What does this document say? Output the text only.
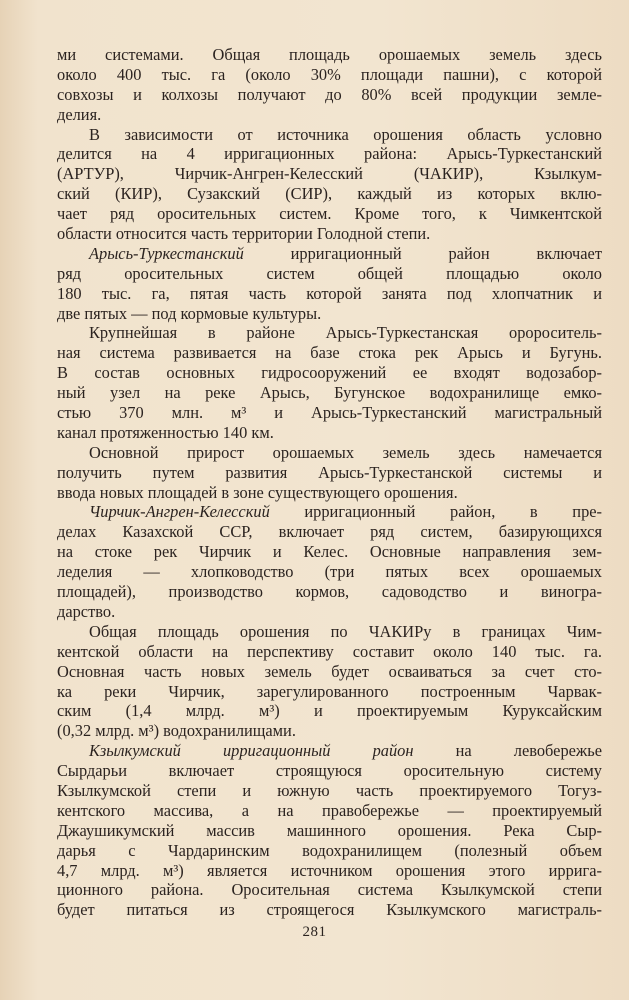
ми системами. Общая площадь орошаемых земель здесь
около 400 тыс. га (около 30% площади пашни), с которой
совхозы и колхозы получают до 80% всей продукции земле-
делия.
В зависимости от источника орошения область условно
делится на 4 ирригационных района: Арысь-Туркестанский
(АРТУР), Чирчик-Ангрен-Келесский (ЧАКИР), Кзылкум-
ский (КИР), Сузакский (СИР), каждый из которых вклю-
чает ряд оросительных систем. Кроме того, к Чимкентской
области относится часть территории Голодной степи.
Арысь-Туркестанский ирригационный район включает
ряд оросительных систем общей площадью около
180 тыс. га, пятая часть которой занята под хлопчатник и
две пятых — под кормовые культуры.
Крупнейшая в районе Арысь-Туркестанская оророситель-
ная система развивается на базе стока рек Арысь и Бугунь.
В состав основных гидросооружений ее входят водозабор-
ный узел на реке Арысь, Бугунское водохранилище емко-
стью 370 млн. м³ и Арысь-Туркестанский магистральный
канал протяженностью 140 км.
Основной прирост орошаемых земель здесь намечается
получить путем развития Арысь-Туркестанской системы и
ввода новых площадей в зоне существующего орошения.
Чирчик-Ангрен-Келесский ирригационный район, в пре-
делах Казахской ССР, включает ряд систем, базирующихся
на стоке рек Чирчик и Келес. Основные направления зем-
леделия — хлопководство (три пятых всех орошаемых
площадей), производство кормов, садоводство и виногра-
дарство.
Общая площадь орошения по ЧАКИРу в границах Чим-
кентской области на перспективу составит около 140 тыс. га.
Основная часть новых земель будет осваиваться за счет сто-
ка реки Чирчик, зарегулированного построенным Чарвак-
ским (1,4 млрд. м³) и проектируемым Куруксайским
(0,32 млрд. м³) водохранилищами.
Кзылкумский ирригационный район на левобережье
Сырдарьи включает строящуюся оросительную систему
Кзылкумской степи и южную часть проектируемого Тогуз-
кентского массива, а на правобережье — проектируемый
Джаушикумский массив машинного орошения. Река Сыр-
дарья с Чардаринским водохранилищем (полезный объем
4,7 млрд. м³) является источником орошения этого ирригa-
ционного района. Оросительная система Кзылкумской степи
будет питаться из строящегося Кзылкумского магистраль-
281
